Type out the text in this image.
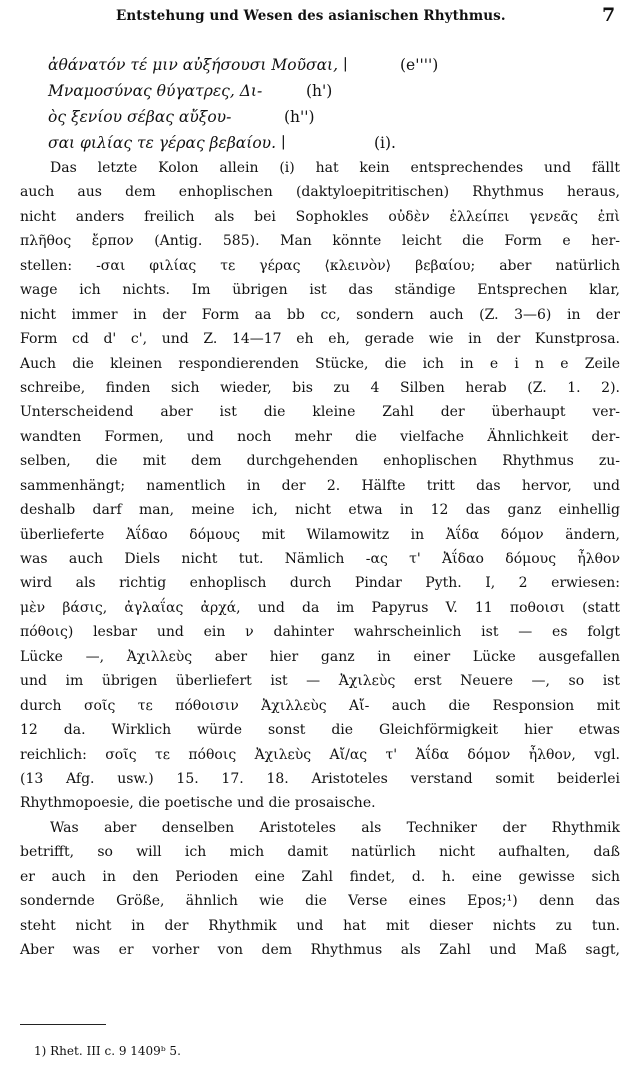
Entstehung und Wesen des asianischen Rhythmus.	7
ἀθάνατόν τέ μιν αὐξήσουσι Μοῦσαι, ∣	(e'''')
Μναμοσύνας θύγατρες, Δι-	(h')
ὸς ξενίου σέβας αὔξου-	(h'')
σαι φιλίας τε γέρας βεβαίου. ∣	(i).
Das letzte Kolon allein (i) hat kein entsprechendes und fällt
auch aus dem enhoplischen (daktyloepitritischen) Rhythmus heraus,
nicht anders freilich als bei Sophokles οὐδὲν ἐλλείπει γενεᾶς ἐπὶ
πλῆθος ἔρπον (Antig. 585). Man könnte leicht die Form e her-
stellen: -σαι φιλίας τε γέρας ⟨κλεινὸν⟩ βεβαίου; aber natürlich
wage ich nichts. Im übrigen ist das ständige Entsprechen klar,
nicht immer in der Form aa bb cc, sondern auch (Z. 3—6) in der
Form cd d' c', und Z. 14—17 eh eh, gerade wie in der Kunstprosa.
Auch die kleinen respondierenden Stücke, die ich in e i n e Zeile
schreibe, finden sich wieder, bis zu 4 Silben herab (Z. 1. 2).
Unterscheidend aber ist die kleine Zahl der überhaupt ver-
wandten Formen, und noch mehr die vielfache Ähnlichkeit der-
selben, die mit dem durchgehenden enhoplischen Rhythmus zu-
sammenhängt; namentlich in der 2. Hälfte tritt das hervor, und
deshalb darf man, meine ich, nicht etwa in 12 das ganz einhellig
überlieferte Ἀΐδαο δόμους mit Wilamowitz in Ἀΐδα δόμον ändern,
was auch Diels nicht tut. Nämlich -ας τ' Ἀΐδαο δόμους ἦλθον
wird als richtig enhoplisch durch Pindar Pyth. I, 2 erwiesen:
μὲν βάσις, ἀγλαΐας ἀρχά, und da im Papyrus V. 11 ποθοισι (statt
πόθοις) lesbar und ein ν dahinter wahrscheinlich ist — es folgt
Lücke —, Ἀχιλλεὺς aber hier ganz in einer Lücke ausgefallen
und im übrigen überliefert ist — Ἀχιλεὺς erst Neuere —, so ist
durch σοῖς τε πόθοισιν Ἀχιλλεὺς Αἴ- auch die Responsion mit
12 da. Wirklich würde sonst die Gleichförmigkeit hier etwas
reichlich: σοῖς τε πόθοις Ἀχιλεὺς Αἴ/ας τ' Ἀΐδα δόμον ἦλθον, vgl.
(13 Afg. usw.) 15. 17. 18. Aristoteles verstand somit beiderlei
Rhythmopoesie, die poetische und die prosaische.
Was aber denselben Aristoteles als Techniker der Rhythmik
betrifft, so will ich mich damit natürlich nicht aufhalten, daß
er auch in den Perioden eine Zahl findet, d. h. eine gewisse sich
sondernde Größe, ähnlich wie die Verse eines Epos;¹) denn das
steht nicht in der Rhythmik und hat mit dieser nichts zu tun.
Aber was er vorher von dem Rhythmus als Zahl und Maß sagt,
1) Rhet. III c. 9 1409ᵇ 5.
